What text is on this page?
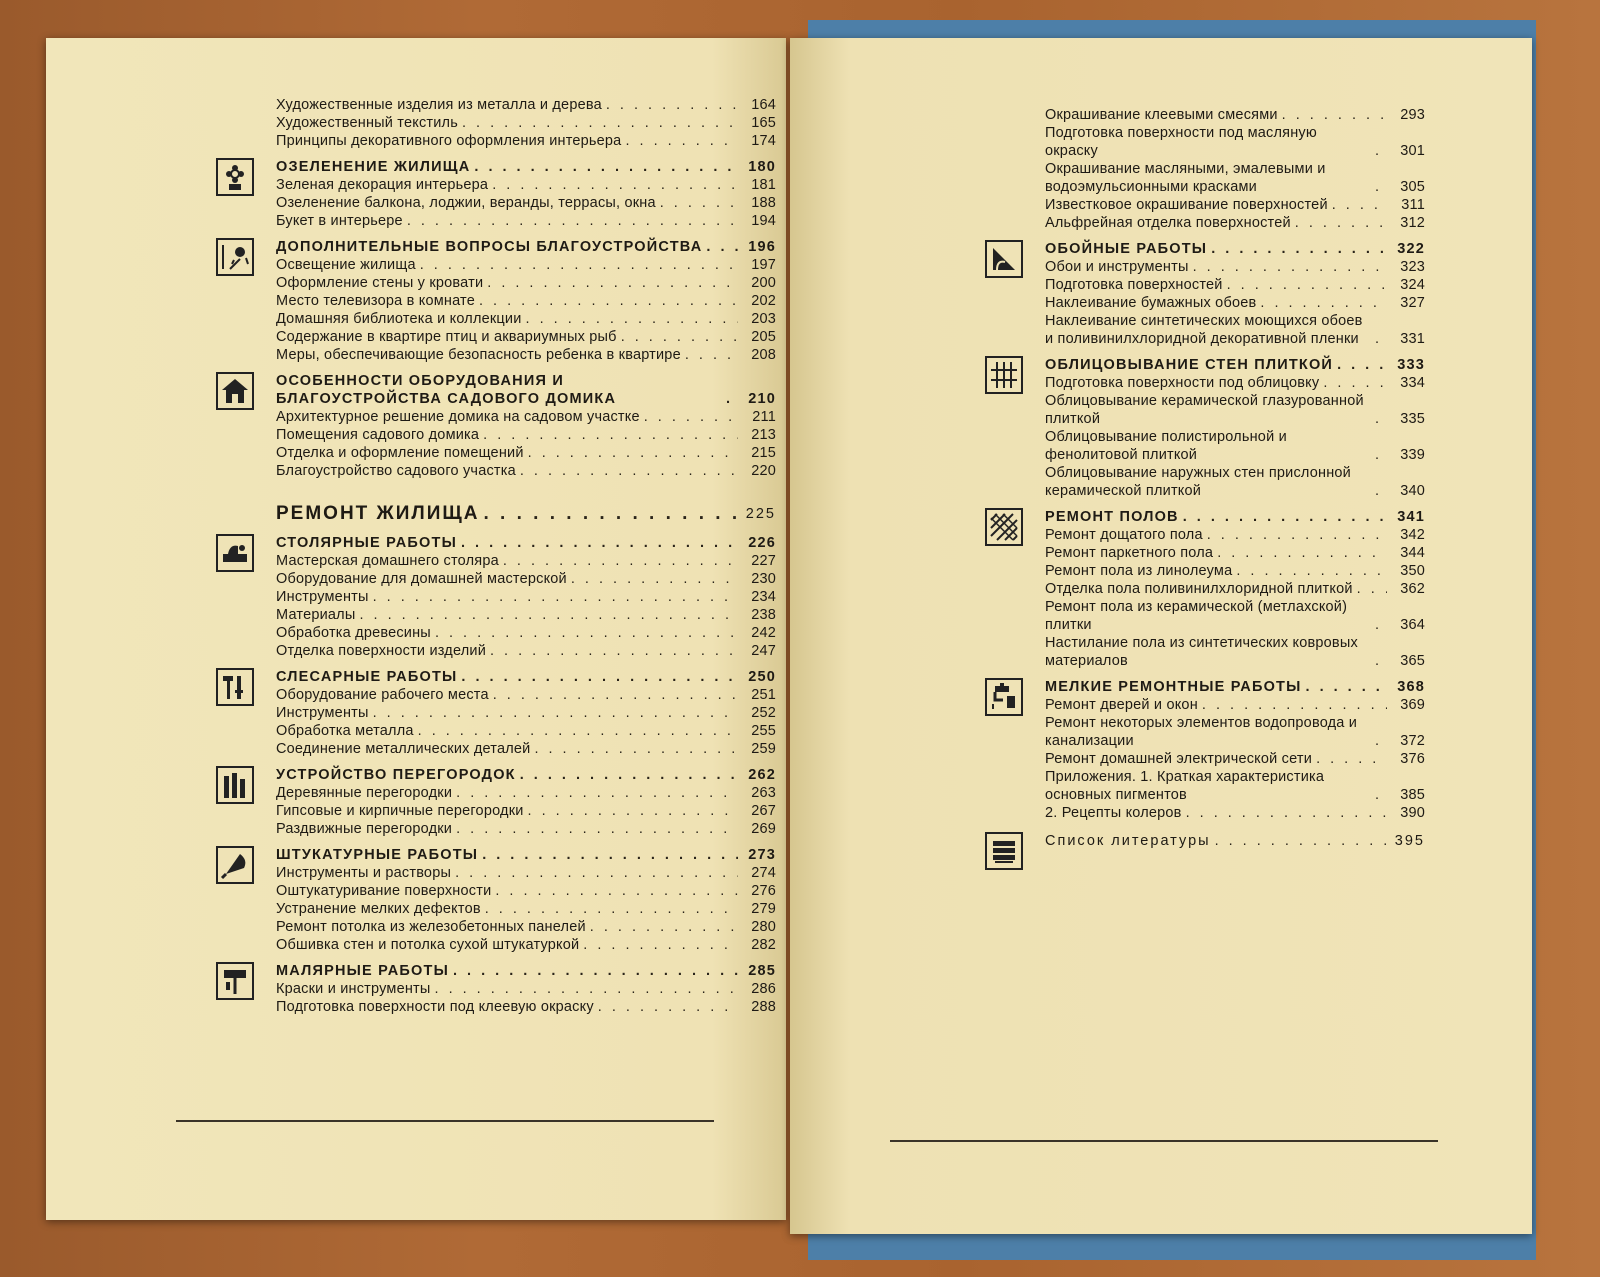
Художественные изделия из металла и дерева . . .	164
Художественный текстиль . . .	165
Принципы декоративного оформления интерьера . . .	174
ОЗЕЛЕНЕНИЕ ЖИЛИЩА . . .	180
Зеленая декорация интерьера . . .	181
Озеленение балкона, лоджии, веранды, террасы, окна . . .	188
Букет в интерьере . . .	194
ДОПОЛНИТЕЛЬНЫЕ ВОПРОСЫ БЛАГОУСТРОЙСТВА . . .	196
Освещение жилища . . .	197
Оформление стены у кровати . . .	200
Место телевизора в комнате . . .	202
Домашняя библиотека и коллекции . . .	203
Содержание в квартире птиц и аквариумных рыб . . .	205
Меры, обеспечивающие безопасность ребенка в квартире . . .	208
ОСОБЕННОСТИ ОБОРУДОВАНИЯ И БЛАГОУСТРОЙСТВА САДОВОГО ДОМИКА . . .	210
Архитектурное решение домика на садовом участке . . .	211
Помещения садового домика . . .	213
Отделка и оформление помещений . . .	215
Благоустройство садового участка . . .	220
РЕМОНТ ЖИЛИЩА . . .	225
СТОЛЯРНЫЕ РАБОТЫ . . .	226
Мастерская домашнего столяра . . .	227
Оборудование для домашней мастерской . . .	230
Инструменты . . .	234
Материалы . . .	238
Обработка древесины . . .	242
Отделка поверхности изделий . . .	247
СЛЕСАРНЫЕ РАБОТЫ . . .	250
Оборудование рабочего места . . .	251
Инструменты . . .	252
Обработка металла . . .	255
Соединение металлических деталей . . .	259
УСТРОЙСТВО ПЕРЕГОРОДОК . . .	262
Деревянные перегородки . . .	263
Гипсовые и кирпичные перегородки . . .	267
Раздвижные перегородки . . .	269
ШТУКАТУРНЫЕ РАБОТЫ . . .	273
Инструменты и растворы . . .	274
Оштукатуривание поверхности . . .	276
Устранение мелких дефектов . . .	279
Ремонт потолка из железобетонных панелей . . .	280
Обшивка стен и потолка сухой штукатуркой . . .	282
МАЛЯРНЫЕ РАБОТЫ . . .	285
Краски и инструменты . . .	286
Подготовка поверхности под клеевую окраску . . .	288
Окрашивание клеевыми смесями . . .	293
Подготовка поверхности под масляную окраску . . .	301
Окрашивание масляными, эмалевыми и водоэмульсионными красками . . .	305
Известковое окрашивание поверхностей . . .	311
Альфрейная отделка поверхностей . . .	312
ОБОЙНЫЕ РАБОТЫ . . .	322
Обои и инструменты . . .	323
Подготовка поверхностей . . .	324
Наклеивание бумажных обоев . . .	327
Наклеивание синтетических моющихся обоев и поливинилхлоридной декоративной пленки . . .	331
ОБЛИЦОВЫВАНИЕ СТЕН ПЛИТКОЙ . . .	333
Подготовка поверхности под облицовку . . .	334
Облицовывание керамической глазурованной плиткой . . .	335
Облицовывание полистирольной и фенолитовой плиткой . . .	339
Облицовывание наружных стен прислонной керамической плиткой . . .	340
РЕМОНТ ПОЛОВ . . .	341
Ремонт дощатого пола . . .	342
Ремонт паркетного пола . . .	344
Ремонт пола из линолеума . . .	350
Отделка пола поливинилхлоридной плиткой . . .	362
Ремонт пола из керамической (метлахской) плитки . . .	364
Настилание пола из синтетических ковровых материалов . . .	365
МЕЛКИЕ РЕМОНТНЫЕ РАБОТЫ . . .	368
Ремонт дверей и окон . . .	369
Ремонт некоторых элементов водопровода и канализации . . .	372
Ремонт домашней электрической сети . . .	376
Приложения. 1. Краткая характеристика основных пигментов . . .	385
2. Рецепты колеров . . .	390
Список литературы . . .	395
